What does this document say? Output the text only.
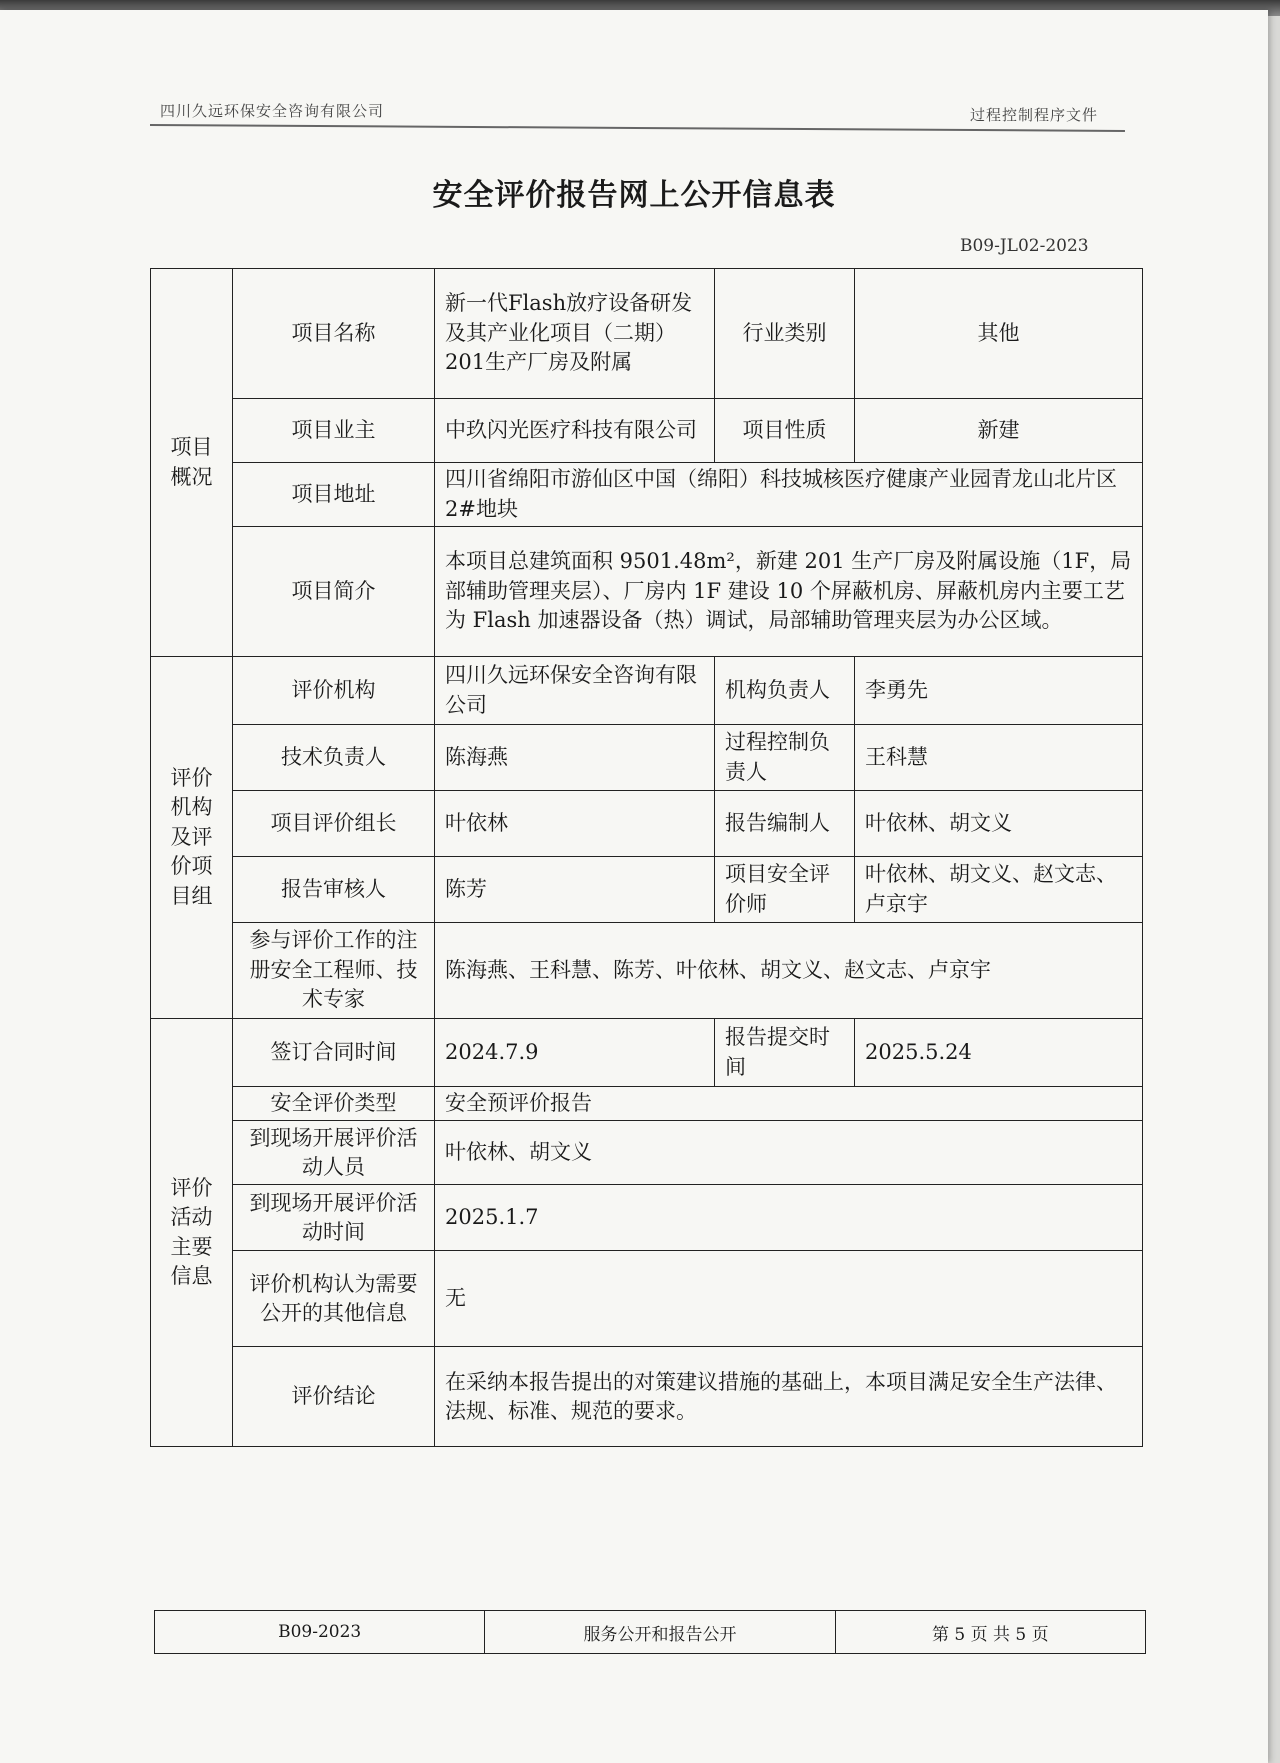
四川久远环保安全咨询有限公司	过程控制程序文件
安全评价报告网上公开信息表
B09-JL02-2023
项目概况	项目名称	新一代Flash放疗设备研发及其产业化项目（二期）201生产厂房及附属	行业类别	其他
	项目业主	中玖闪光医疗科技有限公司	项目性质	新建
	项目地址	四川省绵阳市游仙区中国（绵阳）科技城核医疗健康产业园青龙山北片区 2#地块		
	项目简介	本项目总建筑面积 9501.48m²，新建 201 生产厂房及附属设施（1F，局部辅助管理夹层）、厂房内 1F 建设 10 个屏蔽机房、屏蔽机房内主要工艺为 Flash 加速器设备（热）调试，局部辅助管理夹层为办公区域。		
评价机构及评价项目组	评价机构	四川久远环保安全咨询有限公司	机构负责人	李勇先
	技术负责人	陈海燕	过程控制负责人	王科慧
	项目评价组长	叶依林	报告编制人	叶依林、胡文义
	报告审核人	陈芳	项目安全评价师	叶依林、胡文义、赵文志、卢京宇
	参与评价工作的注册安全工程师、技术专家	陈海燕、王科慧、陈芳、叶依林、胡文义、赵文志、卢京宇		
评价活动主要信息	签订合同时间	2024.7.9	报告提交时间	2025.5.24
	安全评价类型	安全预评价报告		
	到现场开展评价活动人员	叶依林、胡文义		
	到现场开展评价活动时间	2025.1.7		
	评价机构认为需要公开的其他信息	无		
	评价结论	在采纳本报告提出的对策建议措施的基础上，本项目满足安全生产法律、法规、标准、规范的要求。		
B09-2023	服务公开和报告公开	第 5 页 共 5 页
